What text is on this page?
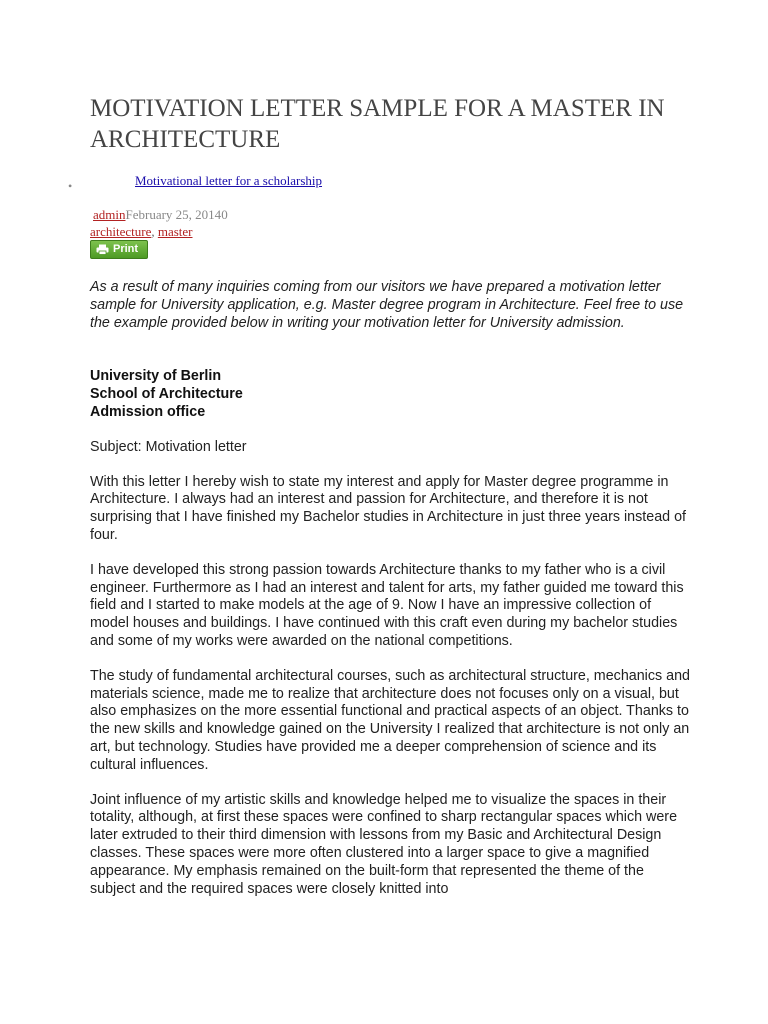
MOTIVATION LETTER SAMPLE FOR A MASTER IN ARCHITECTURE
•	Motivational letter for a scholarship
adminFebruary 25, 20140
architecture, master
Print

As a result of many inquiries coming from our visitors we have prepared a motivation letter sample for University application, e.g. Master degree program in Architecture. Feel free to use the example provided below in writing your motivation letter for University admission.

University of Berlin
School of Architecture
Admission office

Subject: Motivation letter

With this letter I hereby wish to state my interest and apply for Master degree programme in Architecture. I always had an interest and passion for Architecture, and therefore it is not surprising that I have finished my Bachelor studies in Architecture in just three years instead of four.

I have developed this strong passion towards Architecture thanks to my father who is a civil engineer. Furthermore as I had an interest and talent for arts, my father guided me toward this field and I started to make models at the age of 9. Now I have an impressive collection of model houses and buildings. I have continued with this craft even during my bachelor studies and some of my works were awarded on the national competitions.

The study of fundamental architectural courses, such as architectural structure, mechanics and materials science, made me to realize that architecture does not focuses only on a visual, but also emphasizes on the more essential functional and practical aspects of an object. Thanks to the new skills and knowledge gained on the University I realized that architecture is not only an art, but technology. Studies have provided me a deeper comprehension of science and its cultural influences.

Joint influence of my artistic skills and knowledge helped me to visualize the spaces in their totality, although, at first these spaces were confined to sharp rectangular spaces which were later extruded to their third dimension with lessons from my Basic and Architectural Design classes. These spaces were more often clustered into a larger space to give a magnified appearance. My emphasis remained on the built-form that represented the theme of the subject and the required spaces were closely knitted into
